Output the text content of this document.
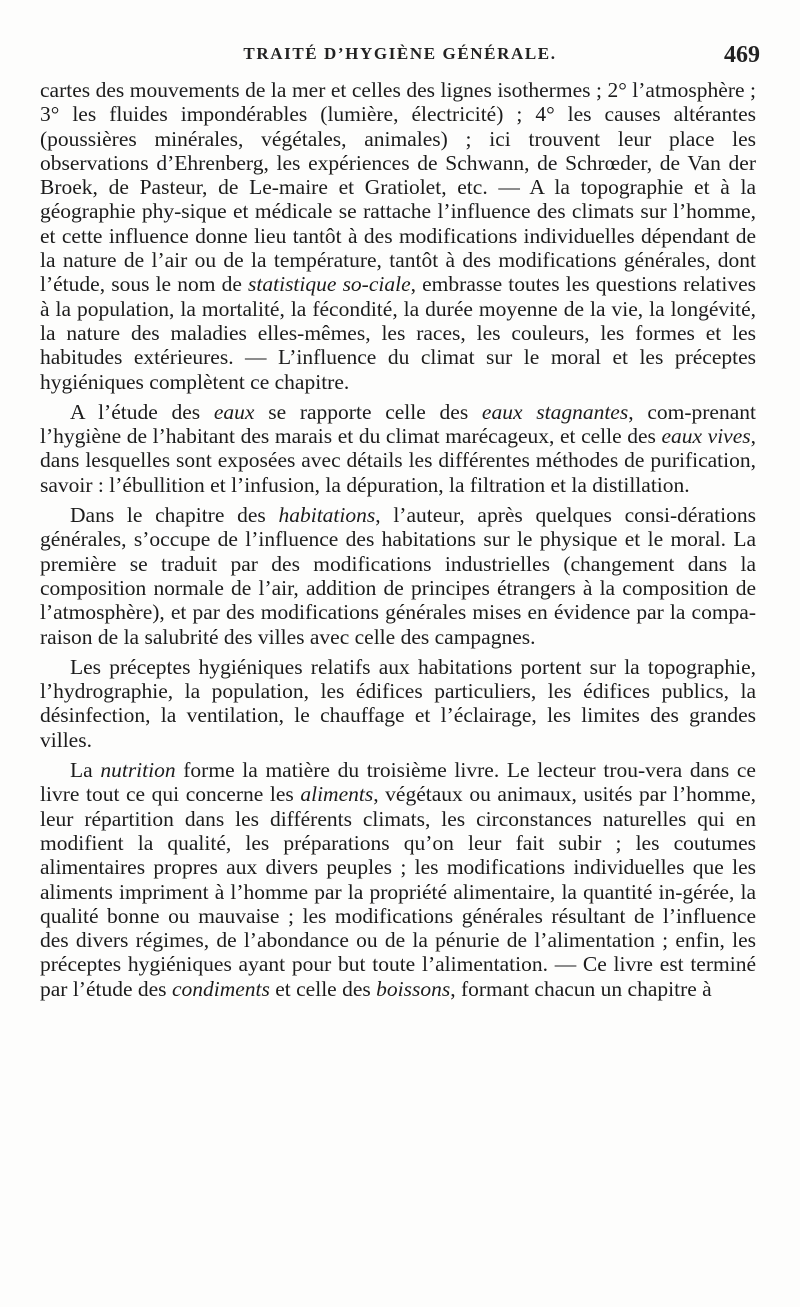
TRAITÉ D’HYGIÈNE GÉNÉRALE.	469

cartes des mouvements de la mer et celles des lignes isothermes ; 2° l’atmosphère ; 3° les fluides impondérables (lumière, électricité) ; 4° les causes altérantes (poussières minérales, végétales, animales) ; ici trouvent leur place les observations d’Ehrenberg, les expériences de Schwann, de Schrœder, de Van der Broek, de Pasteur, de Le-maire et Gratiolet, etc. — A la topographie et à la géographie phy-sique et médicale se rattache l’influence des climats sur l’homme, et cette influence donne lieu tantôt à des modifications individuelles dépendant de la nature de l’air ou de la température, tantôt à des modifications générales, dont l’étude, sous le nom de statistique so-ciale, embrasse toutes les questions relatives à la population, la mortalité, la fécondité, la durée moyenne de la vie, la longévité, la nature des maladies elles-mêmes, les races, les couleurs, les formes et les habitudes extérieures. — L’influence du climat sur le moral et les préceptes hygiéniques complètent ce chapitre.

A l’étude des eaux se rapporte celle des eaux stagnantes, com-prenant l’hygiène de l’habitant des marais et du climat marécageux, et celle des eaux vives, dans lesquelles sont exposées avec détails les différentes méthodes de purification, savoir : l’ébullition et l’infusion, la dépuration, la filtration et la distillation.

Dans le chapitre des habitations, l’auteur, après quelques consi-dérations générales, s’occupe de l’influence des habitations sur le physique et le moral. La première se traduit par des modifications industrielles (changement dans la composition normale de l’air, addition de principes étrangers à la composition de l’atmosphère), et par des modifications générales mises en évidence par la compa-raison de la salubrité des villes avec celle des campagnes.

Les préceptes hygiéniques relatifs aux habitations portent sur la topographie, l’hydrographie, la population, les édifices particuliers, les édifices publics, la désinfection, la ventilation, le chauffage et l’éclairage, les limites des grandes villes.

La nutrition forme la matière du troisième livre. Le lecteur trou-vera dans ce livre tout ce qui concerne les aliments, végétaux ou animaux, usités par l’homme, leur répartition dans les différents climats, les circonstances naturelles qui en modifient la qualité, les préparations qu’on leur fait subir ; les coutumes alimentaires propres aux divers peuples ; les modifications individuelles que les aliments impriment à l’homme par la propriété alimentaire, la quantité in-gérée, la qualité bonne ou mauvaise ; les modifications générales résultant de l’influence des divers régimes, de l’abondance ou de la pénurie de l’alimentation ; enfin, les préceptes hygiéniques ayant pour but toute l’alimentation. — Ce livre est terminé par l’étude des condiments et celle des boissons, formant chacun un chapitre à
